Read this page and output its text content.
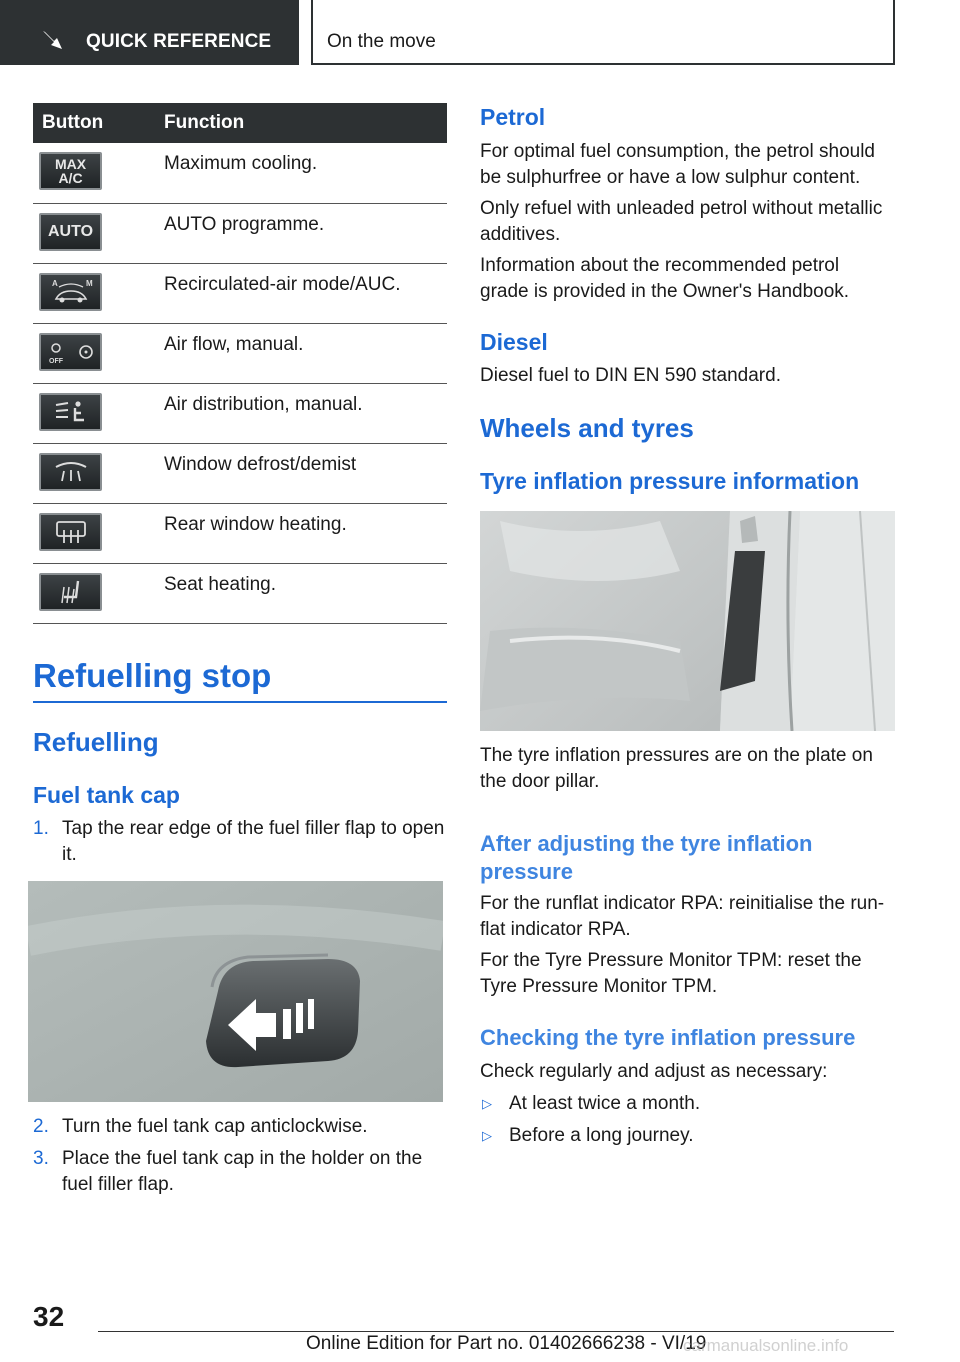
QUICK REFERENCE	On the move
Button	Function

MAX
A/C	Maximum cooling.

AUTO	AUTO programme.

A M	Recirculated-air mode/AUC.

OFF	Air flow, manual.

	Air distribution, manual.

	Window defrost/demist

	Rear window heating.

	Seat heating.
Refuelling stop
Refuelling
Fuel tank cap
1. Tap the rear edge of the fuel filler flap to open it.
2. Turn the fuel tank cap anticlockwise.
3. Place the fuel tank cap in the holder on the fuel filler flap.
Petrol
For optimal fuel consumption, the petrol should be sulphurfree or have a low sulphur content.
Only refuel with unleaded petrol without metallic additives.
Information about the recommended petrol grade is provided in the Owner's Handbook.
Diesel
Diesel fuel to DIN EN 590 standard.
Wheels and tyres
Tyre inflation pressure information
The tyre inflation pressures are on the plate on the door pillar.
After adjusting the tyre inflation pressure
For the runflat indicator RPA: reinitialise the run-flat indicator RPA.
For the Tyre Pressure Monitor TPM: reset the Tyre Pressure Monitor TPM.
Checking the tyre inflation pressure
Check regularly and adjust as necessary:
▷ At least twice a month.
▷ Before a long journey.
32
Online Edition for Part no. 01402666238 - VI/19
carmanualsonline.info
